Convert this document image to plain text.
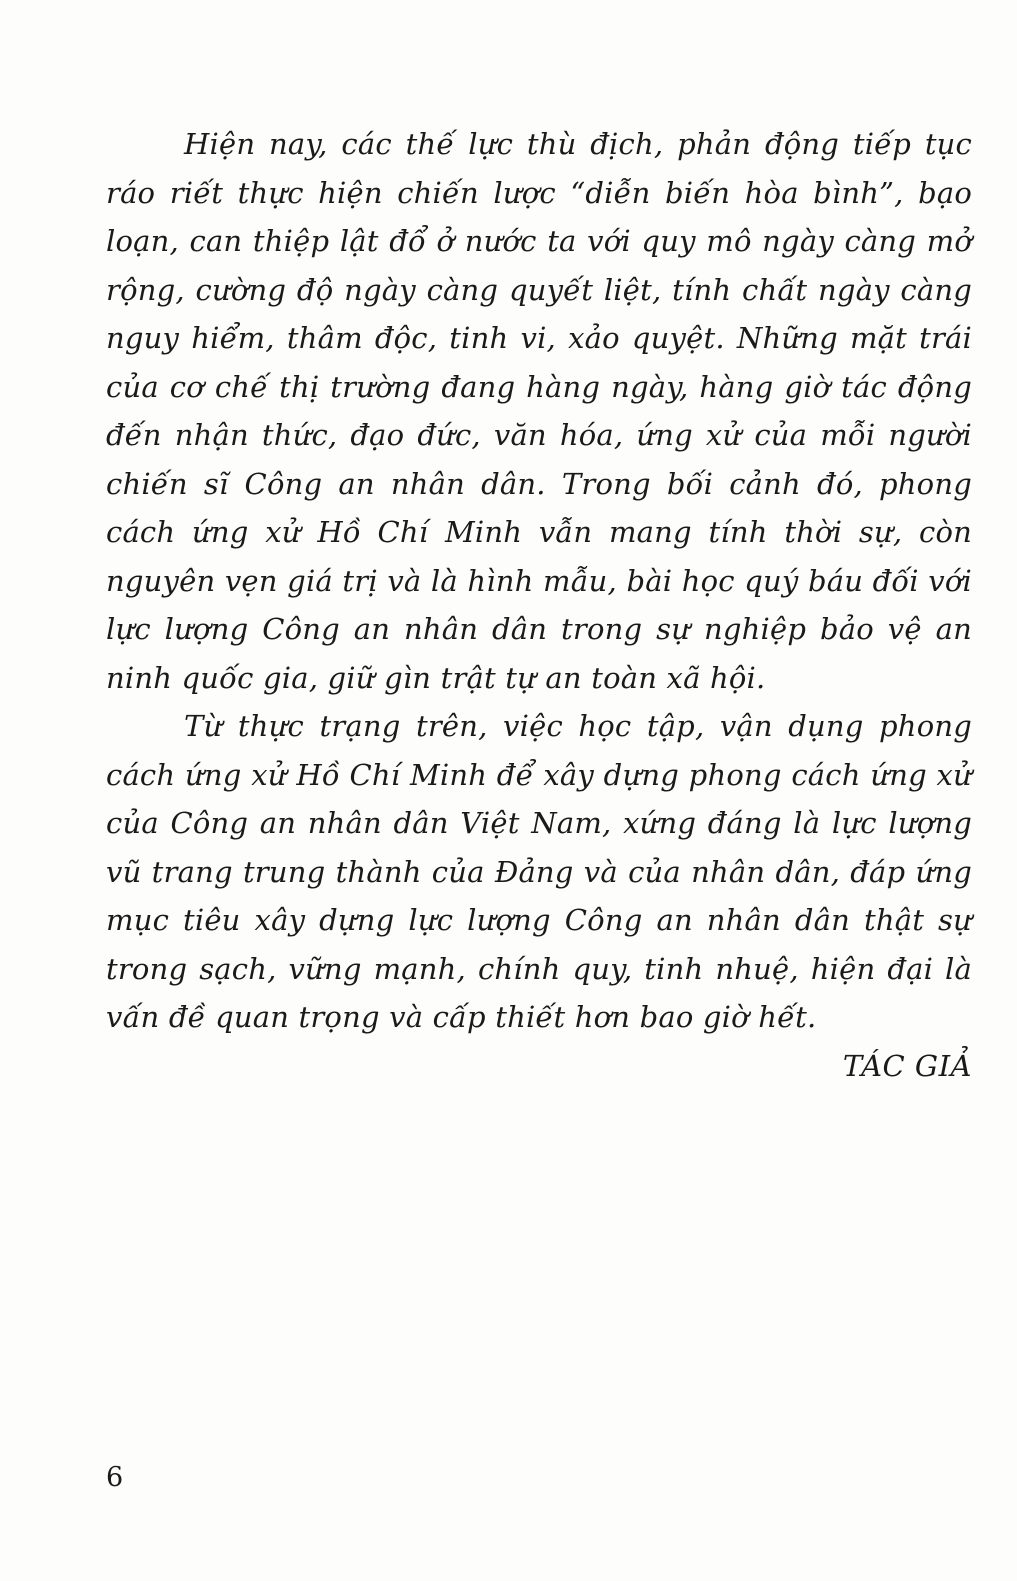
Hiện nay, các thế lực thù địch, phản động tiếp tục ráo riết thực hiện chiến lược “diễn biến hòa bình”, bạo loạn, can thiệp lật đổ ở nước ta với quy mô ngày càng mở rộng, cường độ ngày càng quyết liệt, tính chất ngày càng nguy hiểm, thâm độc, tinh vi, xảo quyệt. Những mặt trái của cơ chế thị trường đang hàng ngày, hàng giờ tác động đến nhận thức, đạo đức, văn hóa, ứng xử của mỗi người chiến sĩ Công an nhân dân. Trong bối cảnh đó, phong cách ứng xử Hồ Chí Minh vẫn mang tính thời sự, còn nguyên vẹn giá trị và là hình mẫu, bài học quý báu đối với lực lượng Công an nhân dân trong sự nghiệp bảo vệ an ninh quốc gia, giữ gìn trật tự an toàn xã hội.

Từ thực trạng trên, việc học tập, vận dụng phong cách ứng xử Hồ Chí Minh để xây dựng phong cách ứng xử của Công an nhân dân Việt Nam, xứng đáng là lực lượng vũ trang trung thành của Đảng và của nhân dân, đáp ứng mục tiêu xây dựng lực lượng Công an nhân dân thật sự trong sạch, vững mạnh, chính quy, tinh nhuệ, hiện đại là vấn đề quan trọng và cấp thiết hơn bao giờ hết.

TÁC GIẢ

6
